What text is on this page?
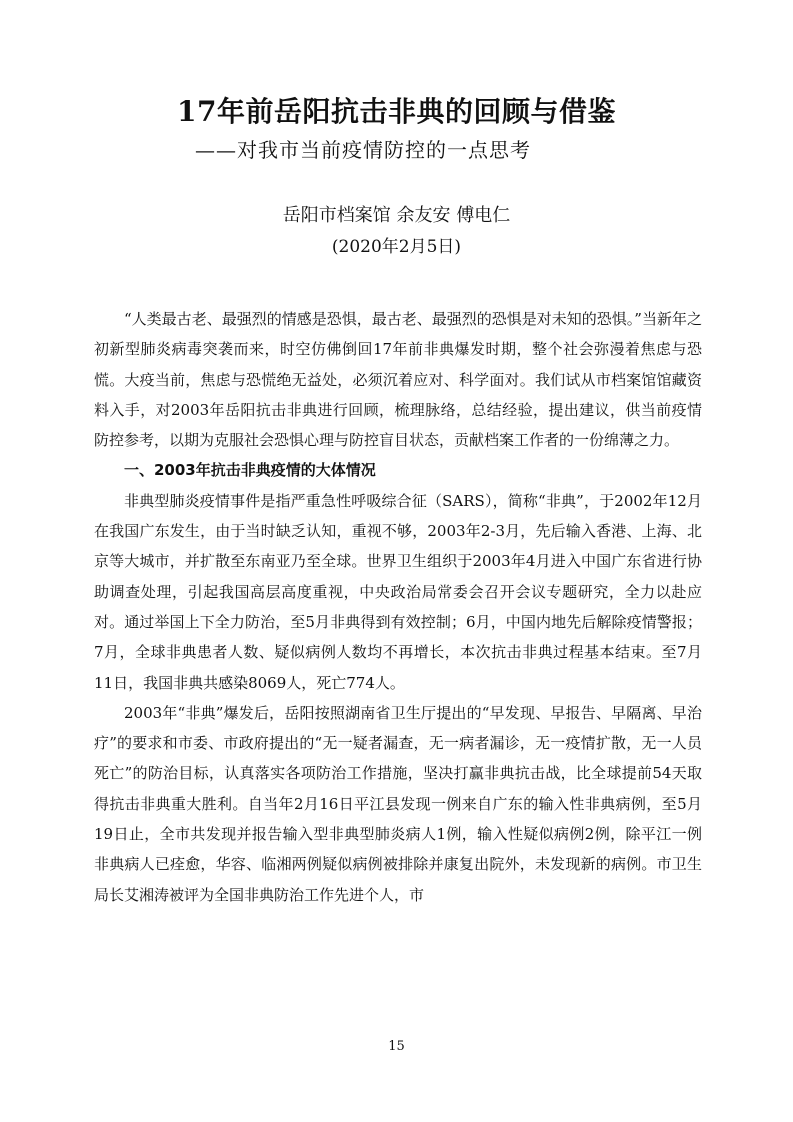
17年前岳阳抗击非典的回顾与借鉴
——对我市当前疫情防控的一点思考
岳阳市档案馆 余友安 傅电仁
(2020年2月5日)

“人类最古老、最强烈的情感是恐惧，最古老、最强烈的恐惧是对未知的恐惧。”当新年之初新型肺炎病毒突袭而来，时空仿佛倒回17年前非典爆发时期，整个社会弥漫着焦虑与恐慌。大疫当前，焦虑与恐慌绝无益处，必须沉着应对、科学面对。我们试从市档案馆馆藏资料入手，对2003年岳阳抗击非典进行回顾，梳理脉络，总结经验，提出建议，供当前疫情防控参考，以期为克服社会恐惧心理与防控盲目状态，贡献档案工作者的一份绵薄之力。

一、2003年抗击非典疫情的大体情况

非典型肺炎疫情事件是指严重急性呼吸综合征（SARS），简称“非典”，于2002年12月在我国广东发生，由于当时缺乏认知，重视不够，2003年2-3月，先后输入香港、上海、北京等大城市，并扩散至东南亚乃至全球。世界卫生组织于2003年4月进入中国广东省进行协助调查处理，引起我国高层高度重视，中央政治局常委会召开会议专题研究，全力以赴应对。通过举国上下全力防治，至5月非典得到有效控制；6月，中国内地先后解除疫情警报；7月，全球非典患者人数、疑似病例人数均不再增长，本次抗击非典过程基本结束。至7月11日，我国非典共感染8069人，死亡774人。

2003年“非典”爆发后，岳阳按照湖南省卫生厅提出的“早发现、早报告、早隔离、早治疗”的要求和市委、市政府提出的“无一疑者漏查，无一病者漏诊，无一疫情扩散，无一人员死亡”的防治目标，认真落实各项防治工作措施，坚决打赢非典抗击战，比全球提前54天取得抗击非典重大胜利。自当年2月16日平江县发现一例来自广东的输入性非典病例，至5月19日止，全市共发现并报告输入型非典型肺炎病人1例，输入性疑似病例2例，除平江一例非典病人已痊愈，华容、临湘两例疑似病例被排除并康复出院外，未发现新的病例。市卫生局长艾湘涛被评为全国非典防治工作先进个人，市

15
